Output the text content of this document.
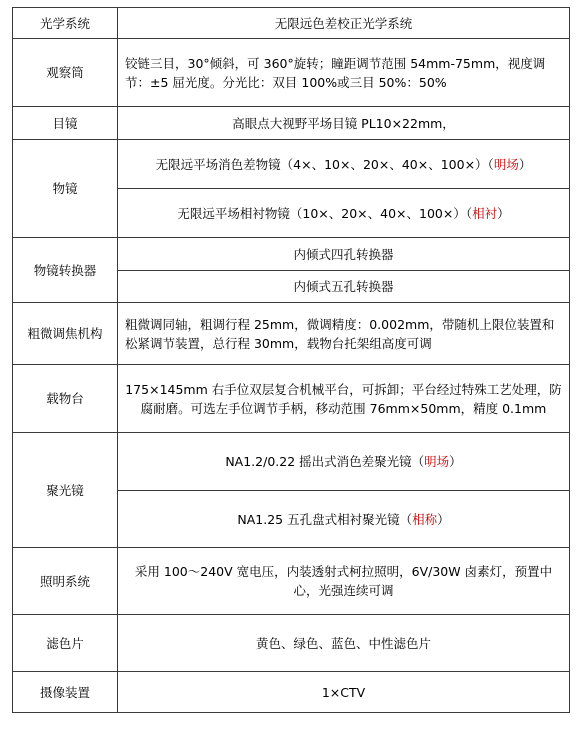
光学系统	无限远色差校正光学系统
观察筒	铰链三目，30°倾斜，可 360°旋转；瞳距调节范围 54mm-75mm，视度调节：±5 屈光度。分光比：双目 100%或三目 50%：50%
目镜	高眼点大视野平场目镜 PL10×22mm，
物镜	无限远平场消色差物镜（4×、10×、20×、40×、100×）（明场）
	无限远平场相衬物镜（10×、20×、40×、100×）（相衬）
物镜转换器	内倾式四孔转换器
	内倾式五孔转换器
粗微调焦机构	粗微调同轴，粗调行程 25mm，微调精度：0.002mm，带随机上限位装置和松紧调节装置，总行程 30mm，载物台托架组高度可调
载物台	175×145mm 右手位双层复合机械平台，可拆卸；平台经过特殊工艺处理，防腐耐磨。可选左手位调节手柄，移动范围 76mm×50mm，精度 0.1mm
聚光镜	NA1.2/0.22 摇出式消色差聚光镜（明场）
	NA1.25 五孔盘式相衬聚光镜（相称）
照明系统	采用 100～240V 宽电压，内装透射式柯拉照明，6V/30W 卤素灯，预置中心，光强连续可调
滤色片	黄色、绿色、蓝色、中性滤色片
摄像装置	1×CTV
